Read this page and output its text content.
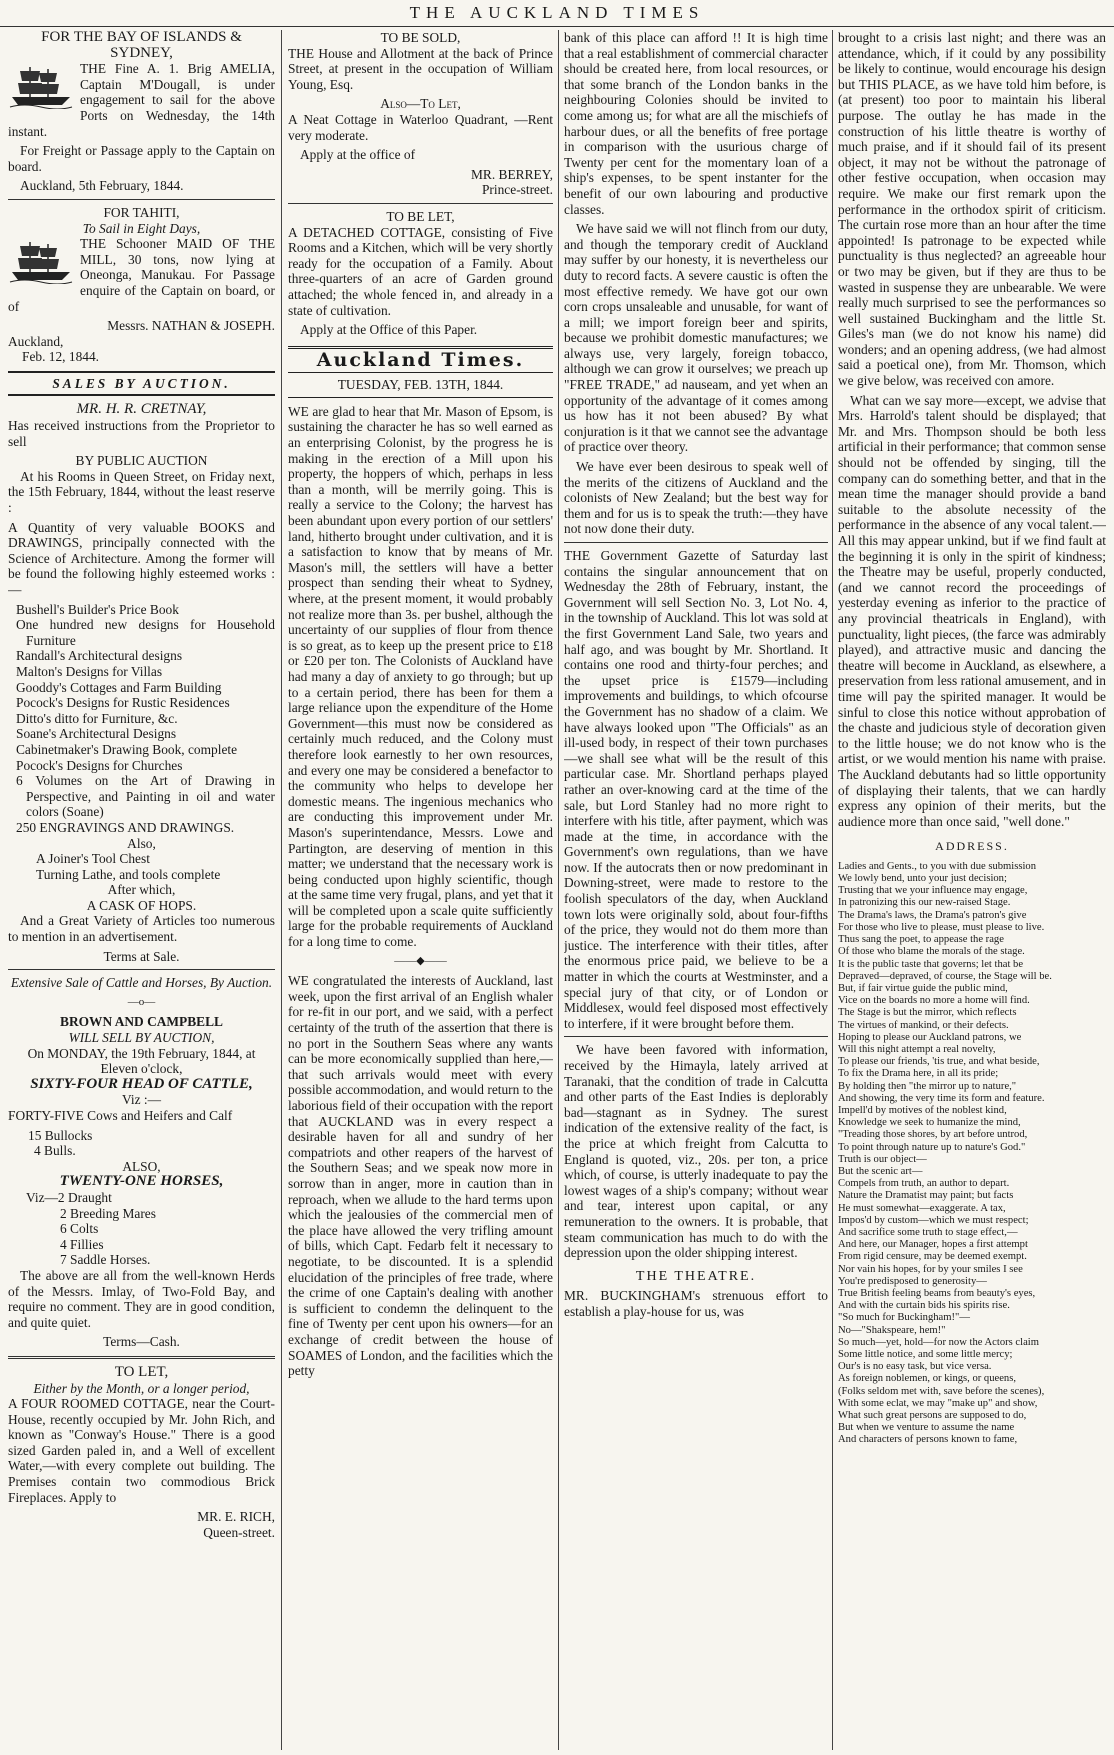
THE AUCKLAND TIMES
FOR THE BAY OF ISLANDS & SYDNEY,

THE Fine A. 1. Brig AMELIA, Captain M'Dougall, is under engagement to sail for the above Ports on Wednesday, the 14th instant.

For Freight or Passage apply to the Captain on board.

Auckland, 5th February, 1844.

FOR TAHITI,
To Sail in Eight Days,

THE Schooner MAID OF THE MILL, 30 tons, now lying at Oneonga, Manukau. For Passage enquire of the Captain on board, or of

Messrs. NATHAN & JOSEPH.
Auckland,
Feb. 12, 1844.
SALES BY AUCTION.
MR. H. R. CRETNAY,

Has received instructions from the Proprietor to sell

BY PUBLIC AUCTION

At his Rooms in Queen Street, on Friday next, the 15th February, 1844, without the least reserve :

A Quantity of very valuable BOOKS and DRAWINGS, principally connected with the Science of Architecture. Among the former will be found the following highly esteemed works :—

Bushell's Builder's Price Book
One hundred new designs for Household Furniture
Randall's Architectural designs
Malton's Designs for Villas
Gooddy's Cottages and Farm Building
Pocock's Designs for Rustic Residences
Ditto's ditto for Furniture, &c.
Soane's Architectural Designs
Cabinetmaker's Drawing Book, complete
Pocock's Designs for Churches
6 Volumes on the Art of Drawing in Perspective, and Painting in oil and water colors (Soane)
250 ENGRAVINGS AND DRAWINGS.
Also,
A Joiner's Tool Chest
Turning Lathe, and tools complete
After which,
A CASK OF HOPS.

And a Great Variety of Articles too numerous to mention in an advertisement.

Terms at Sale.
Extensive Sale of Cattle and Horses, By Auction.
—o—
BROWN AND CAMPBELL
WILL SELL BY AUCTION,
On MONDAY, the 19th February, 1844, at Eleven o'clock,
SIXTY-FOUR HEAD OF CATTLE,
Viz :—

FORTY-FIVE Cows and Heifers and Calf

15 Bullocks
4 Bulls.
ALSO,
TWENTY-ONE HORSES,
Viz—2 Draught
2 Breeding Mares
6 Colts
4 Fillies
7 Saddle Horses.

The above are all from the well-known Herds of the Messrs. Imlay, of Two-Fold Bay, and require no comment. They are in good condition, and quite quiet.

Terms—Cash.
TO LET,
Either by the Month, or a longer period,

A FOUR ROOMED COTTAGE, near the Court-House, recently occupied by Mr. John Rich, and known as "Conway's House." There is a good sized Garden paled in, and a Well of excellent Water,—with every complete out building. The Premises contain two commodious Brick Fireplaces. Apply to

MR. E. RICH,
Queen-street.
TO BE SOLD,

THE House and Allotment at the back of Prince Street, at present in the occupation of William Young, Esq.

Also—To Let,

A Neat Cottage in Waterloo Quadrant, —Rent very moderate.

Apply at the office of

MR. BERREY,
Prince-street.
TO BE LET,

A DETACHED COTTAGE, consisting of Five Rooms and a Kitchen, which will be very shortly ready for the occupation of a Family. About three-quarters of an acre of Garden ground attached; the whole fenced in, and already in a state of cultivation.

Apply at the Office of this Paper.

Auckland Times.
TUESDAY, FEB. 13TH, 1844.

WE are glad to hear that Mr. Mason of Epsom, is sustaining the character he has so well earned as an enterprising Colonist, by the progress he is making in the erection of a Mill upon his property, the hoppers of which, perhaps in less than a month, will be merrily going. This is really a service to the Colony; the harvest has been abundant upon every portion of our settlers' land, hitherto brought under cultivation, and it is a satisfaction to know that by means of Mr. Mason's mill, the settlers will have a better prospect than sending their wheat to Sydney, where, at the present moment, it would probably not realize more than 3s. per bushel, although the uncertainty of our supplies of flour from thence is so great, as to keep up the present price to £18 or £20 per ton. The Colonists of Auckland have had many a day of anxiety to go through; but up to a certain period, there has been for them a large reliance upon the expenditure of the Home Government—this must now be considered as certainly much reduced, and the Colony must therefore look earnestly to her own resources, and every one may be considered a benefactor to the community who helps to develope her domestic means. The ingenious mechanics who are conducting this improvement under Mr. Mason's superintendance, Messrs. Lowe and Partington, are deserving of mention in this matter; we understand that the necessary work is being conducted upon highly scientific, though at the same time very frugal, plans, and yet that it will be completed upon a scale quite sufficiently large for the probable requirements of Auckland for a long time to come.

——◆——

WE congratulated the interests of Auckland, last week, upon the first arrival of an English whaler for re-fit in our port, and we said, with a perfect certainty of the truth of the assertion that there is no port in the Southern Seas where any wants can be more economically supplied than here,—that such arrivals would meet with every possible accommodation, and would return to the laborious field of their occupation with the report that AUCKLAND was in every respect a desirable haven for all and sundry of her compatriots and other reapers of the harvest of the Southern Seas; and we speak now more in sorrow than in anger, more in caution than in reproach, when we allude to the hard terms upon which the jealousies of the commercial men of the place have allowed the very trifling amount of bills, which Capt. Fedarb felt it necessary to negotiate, to be discounted. It is a splendid elucidation of the principles of free trade, where the crime of one Captain's dealing with another is sufficient to condemn the delinquent to the fine of Twenty per cent upon his owners—for an exchange of credit between the house of SOAMES of London, and the facilities which the petty

bank of this place can afford !! It is high time that a real establishment of commercial character should be created here, from local resources, or that some branch of the London banks in the neighbouring Colonies should be invited to come among us; for what are all the mischiefs of harbour dues, or all the benefits of free portage in comparison with the usurious charge of Twenty per cent for the momentary loan of a ship's expenses, to be spent instanter for the benefit of our own labouring and productive classes.

We have said we will not flinch from our duty, and though the temporary credit of Auckland may suffer by our honesty, it is nevertheless our duty to record facts. A severe caustic is often the most effective remedy. We have got our own corn crops unsaleable and unusable, for want of a mill; we import foreign beer and spirits, because we prohibit domestic manufactures; we always use, very largely, foreign tobacco, although we can grow it ourselves; we preach up "FREE TRADE," ad nauseam, and yet when an opportunity of the advantage of it comes among us how has it not been abused? By what conjuration is it that we cannot see the advantage of practice over theory.

We have ever been desirous to speak well of the merits of the citizens of Auckland and the colonists of New Zealand; but the best way for them and for us is to speak the truth:—they have not now done their duty.

THE Government Gazette of Saturday last contains the singular announcement that on Wednesday the 28th of February, instant, the Government will sell Section No. 3, Lot No. 4, in the township of Auckland. This lot was sold at the first Government Land Sale, two years and half ago, and was bought by Mr. Shortland. It contains one rood and thirty-four perches; and the upset price is £1579—including improvements and buildings, to which ofcourse the Government has no shadow of a claim. We have always looked upon "The Officials" as an ill-used body, in respect of their town purchases—we shall see what will be the result of this particular case. Mr. Shortland perhaps played rather an over-knowing card at the time of the sale, but Lord Stanley had no more right to interfere with his title, after payment, which was made at the time, in accordance with the Government's own regulations, than we have now. If the autocrats then or now predominant in Downing-street, were made to restore to the foolish speculators of the day, when Auckland town lots were originally sold, about four-fifths of the price, they would not do them more than justice. The interference with their titles, after the enormous price paid, we believe to be a matter in which the courts at Westminster, and a special jury of that city, or of London or Middlesex, would feel disposed most effectively to interfere, if it were brought before them.

We have been favored with information, received by the Himayla, lately arrived at Taranaki, that the condition of trade in Calcutta and other parts of the East Indies is deplorably bad—stagnant as in Sydney. The surest indication of the extensive reality of the fact, is the price at which freight from Calcutta to England is quoted, viz., 20s. per ton, a price which, of course, is utterly inadequate to pay the lowest wages of a ship's company; without wear and tear, interest upon capital, or any remuneration to the owners. It is probable, that steam communication has much to do with the depression upon the older shipping interest.

THE THEATRE.

MR. BUCKINGHAM's strenuous effort to establish a play-house for us, was

brought to a crisis last night; and there was an attendance, which, if it could by any possibility be likely to continue, would encourage his design but THIS PLACE, as we have told him before, is (at present) too poor to maintain his liberal purpose. The outlay he has made in the construction of his little theatre is worthy of much praise, and if it should fail of its present object, it may not be without the patronage of other festive occupation, when occasion may require. We make our first remark upon the performance in the orthodox spirit of criticism. The curtain rose more than an hour after the time appointed! Is patronage to be expected while punctuality is thus neglected? an agreeable hour or two may be given, but if they are thus to be wasted in suspense they are unbearable. We were really much surprised to see the performances so well sustained Buckingham and the little St. Giles's man (we do not know his name) did wonders; and an opening address, (we had almost said a poetical one), from Mr. Thomson, which we give below, was received con amore.

What can we say more—except, we advise that Mrs. Harrold's talent should be displayed; that Mr. and Mrs. Thompson should be both less artificial in their performance; that common sense should not be offended by singing, till the company can do something better, and that in the mean time the manager should provide a band suitable to the absolute necessity of the performance in the absence of any vocal talent.—All this may appear unkind, but if we find fault at the beginning it is only in the spirit of kindness; the Theatre may be useful, properly conducted, (and we cannot record the proceedings of yesterday evening as inferior to the practice of any provincial theatricals in England), with punctuality, light pieces, (the farce was admirably played), and attractive music and dancing the theatre will become in Auckland, as elsewhere, a preservation from less rational amusement, and in time will pay the spirited manager. It would be sinful to close this notice without approbation of the chaste and judicious style of decoration given to the little house; we do not know who is the artist, or we would mention his name with praise. The Auckland debutants had so little opportunity of displaying their talents, that we can hardly express any opinion of their merits, but the audience more than once said, "well done."

ADDRESS.
Ladies and Gents., to you with due submission
We lowly bend, unto your just decision;
Trusting that we your influence may engage,
In patronizing this our new-raised Stage.
The Drama's laws, the Drama's patron's give
For those who live to please, must please to live.
Thus sang the poet, to appease the rage
Of those who blame the morals of the stage.
It is the public taste that governs; let that be
Depraved—depraved, of course, the Stage will be.
But, if fair virtue guide the public mind,
Vice on the boards no more a home will find.
The Stage is but the mirror, which reflects
The virtues of mankind, or their defects.
Hoping to please our Auckland patrons, we
Will this night attempt a real novelty,
To please our friends, 'tis true, and what beside,
To fix the Drama here, in all its pride;
By holding then "the mirror up to nature,"
And showing, the very time its form and feature.
Impell'd by motives of the noblest kind,
Knowledge we seek to humanize the mind,
"Treading those shores, by art before untrod,
To point through nature up to nature's God."
Truth is our object—
But the scenic art—
Compels from truth, an author to depart.
Nature the Dramatist may paint; but facts
He must somewhat—exaggerate. A tax,
Impos'd by custom—which we must respect;
And sacrifice some truth to stage effect,—
And here, our Manager, hopes a first attempt
From rigid censure, may be deemed exempt.
Nor vain his hopes, for by your smiles I see
You're predisposed to generosity—
True British feeling beams from beauty's eyes,
And with the curtain bids his spirits rise.
"So much for Buckingham!"—
No—"Shakspeare, hem!"
So much—yet, hold—for now the Actors claim
Some little notice, and some little mercy;
Our's is no easy task, but vice versa.
As foreign noblemen, or kings, or queens,
(Folks seldom met with, save before the scenes),
With some eclat, we may "make up" and show,
What such great persons are supposed to do,
But when we venture to assume the name
And characters of persons known to fame,
